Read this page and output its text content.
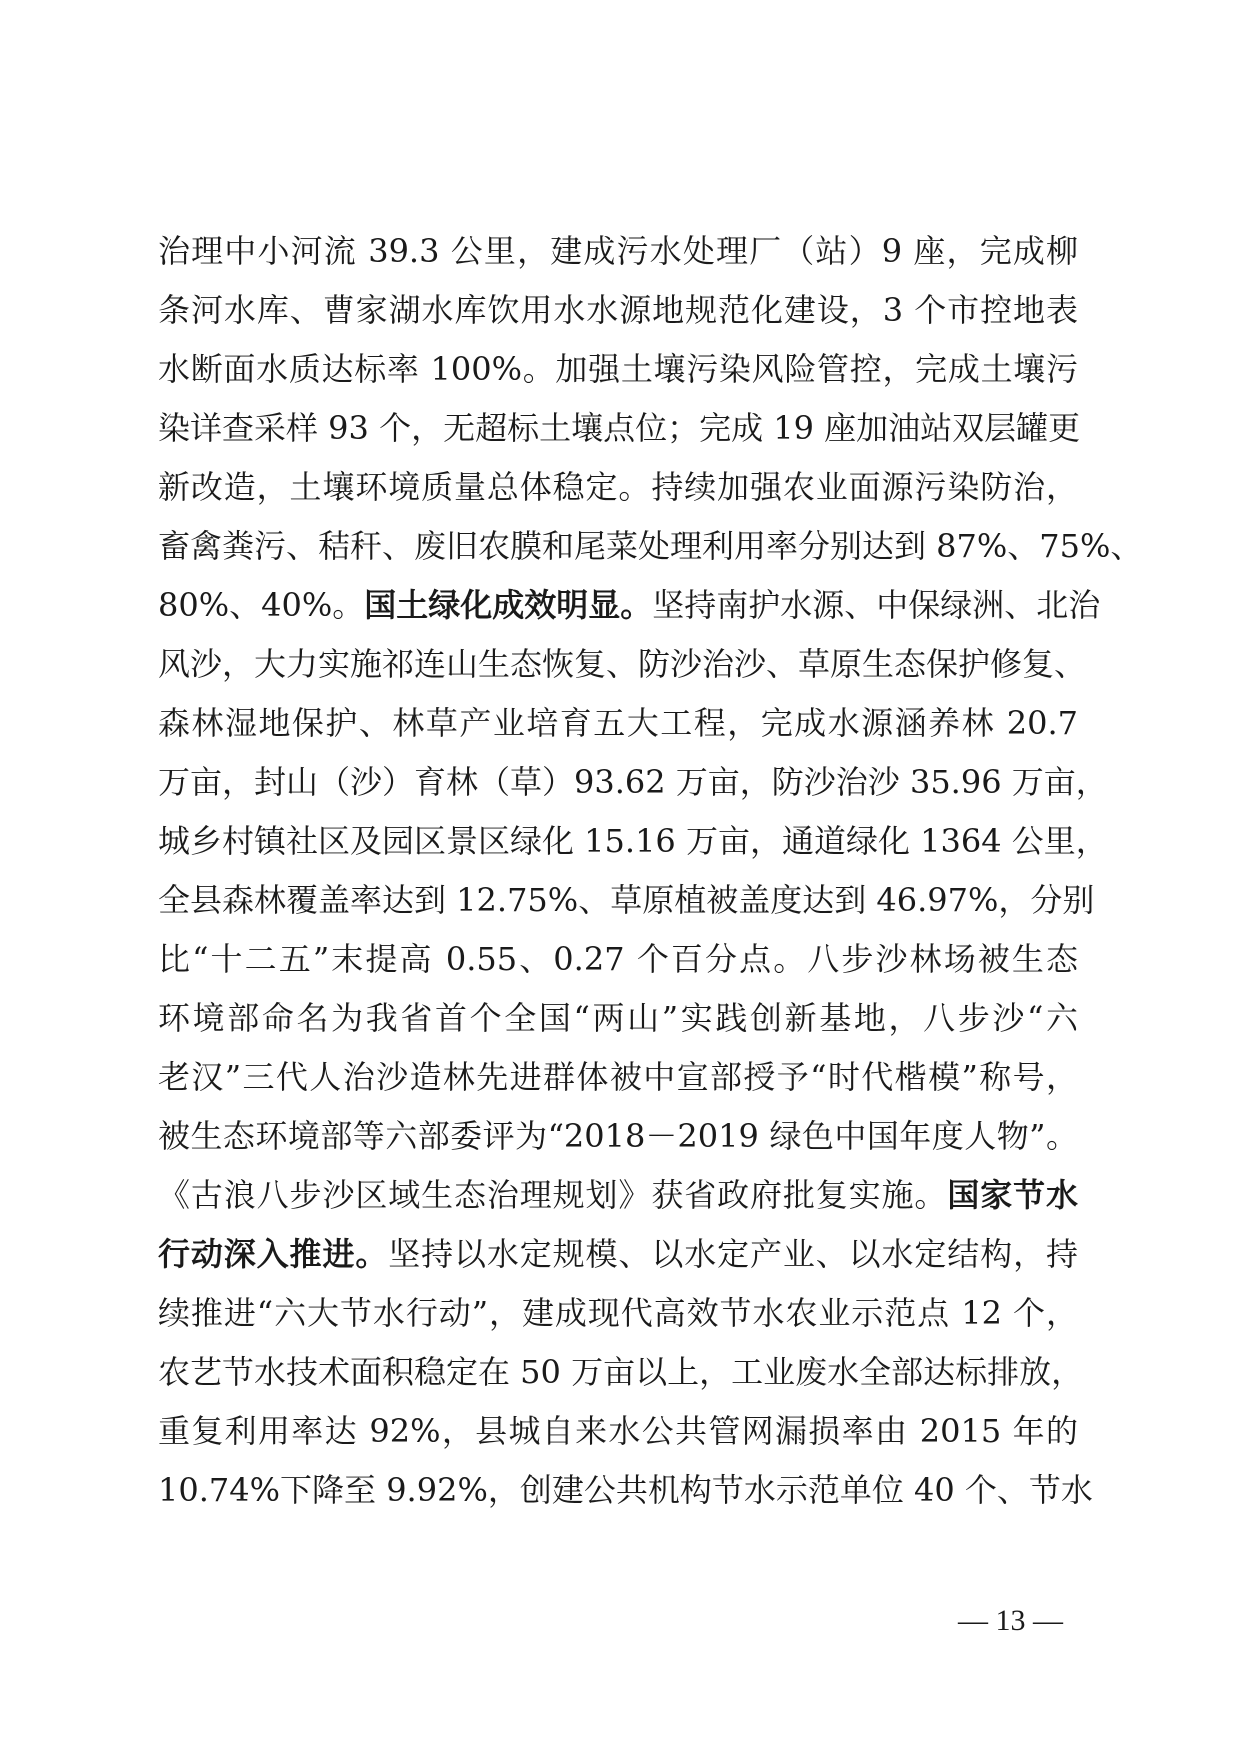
治理中小河流 39.3 公里，建成污水处理厂（站）9 座，完成柳
条河水库、曹家湖水库饮用水水源地规范化建设，3 个市控地表
水断面水质达标率 100%。加强土壤污染风险管控，完成土壤污
染详查采样 93 个，无超标土壤点位；完成 19 座加油站双层罐更
新改造，土壤环境质量总体稳定。持续加强农业面源污染防治，
畜禽粪污、秸秆、废旧农膜和尾菜处理利用率分别达到 87%、75%、
80%、40%。国土绿化成效明显。坚持南护水源、中保绿洲、北治
风沙，大力实施祁连山生态恢复、防沙治沙、草原生态保护修复、
森林湿地保护、林草产业培育五大工程，完成水源涵养林 20.7
万亩，封山（沙）育林（草）93.62 万亩，防沙治沙 35.96 万亩，
城乡村镇社区及园区景区绿化 15.16 万亩，通道绿化 1364 公里，
全县森林覆盖率达到 12.75%、草原植被盖度达到 46.97%，分别
比“十二五”末提高 0.55、0.27 个百分点。八步沙林场被生态
环境部命名为我省首个全国“两山”实践创新基地，八步沙“六
老汉”三代人治沙造林先进群体被中宣部授予“时代楷模”称号，
被生态环境部等六部委评为“2018－2019 绿色中国年度人物”。
《古浪八步沙区域生态治理规划》获省政府批复实施。国家节水
行动深入推进。坚持以水定规模、以水定产业、以水定结构，持
续推进“六大节水行动”，建成现代高效节水农业示范点 12 个，
农艺节水技术面积稳定在 50 万亩以上，工业废水全部达标排放，
重复利用率达 92%，县城自来水公共管网漏损率由 2015 年的
10.74%下降至 9.92%，创建公共机构节水示范单位 40 个、节水
— 13 —
